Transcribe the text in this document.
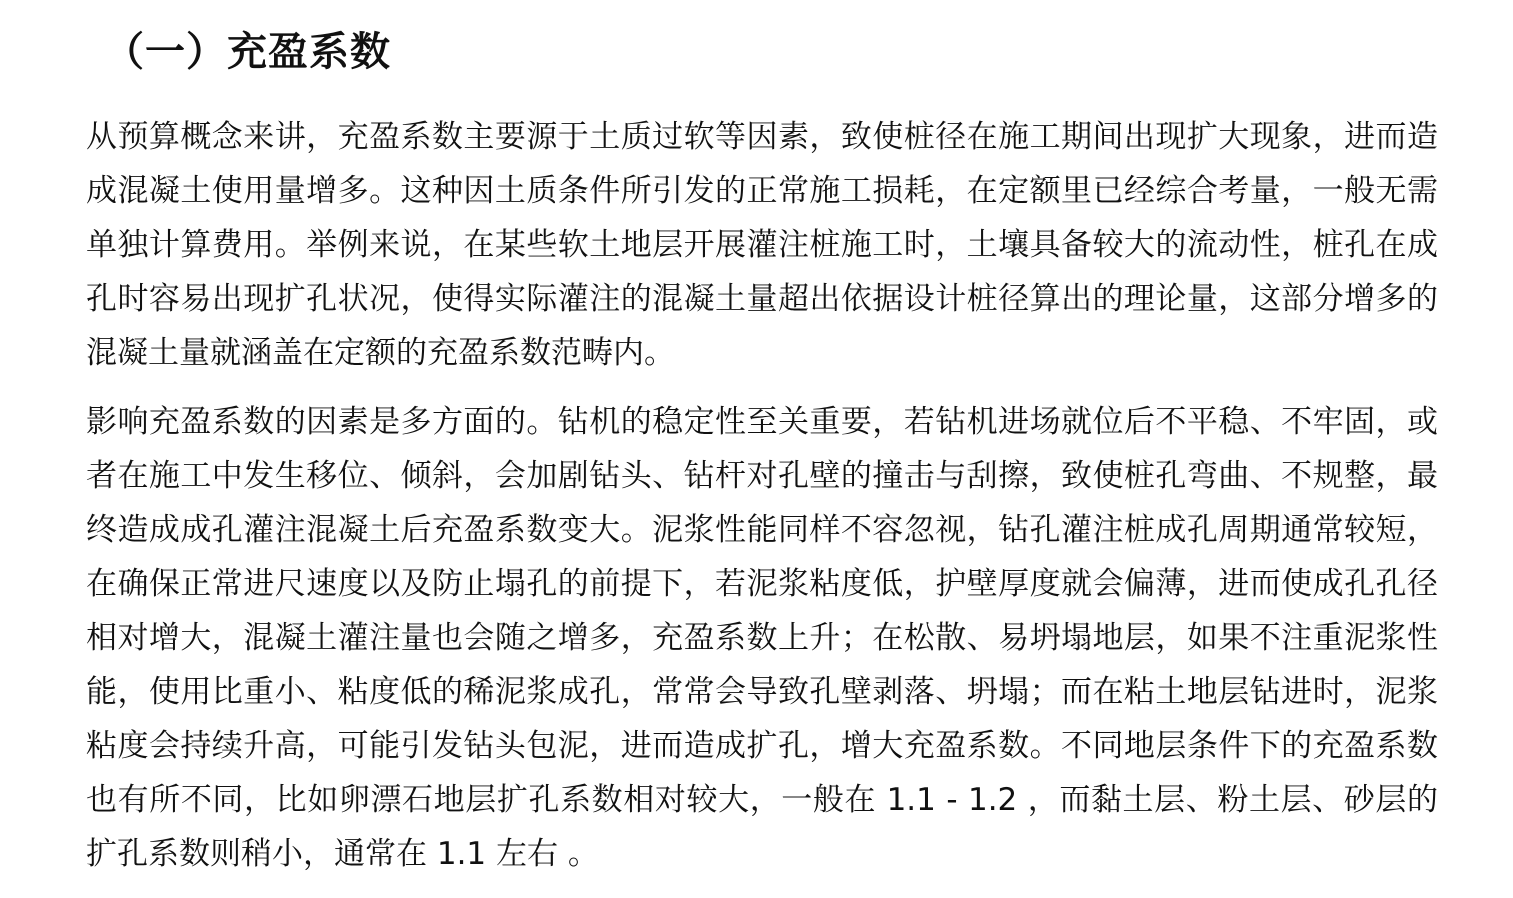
（一）充盈系数

从预算概念来讲，充盈系数主要源于土质过软等因素，致使桩径在施工期间出现扩大现象，进而造成混凝土使用量增多。这种因土质条件所引发的正常施工损耗，在定额里已经综合考量，一般无需单独计算费用。举例来说，在某些软土地层开展灌注桩施工时，土壤具备较大的流动性，桩孔在成孔时容易出现扩孔状况，使得实际灌注的混凝土量超出依据设计桩径算出的理论量，这部分增多的混凝土量就涵盖在定额的充盈系数范畴内。

影响充盈系数的因素是多方面的。钻机的稳定性至关重要，若钻机进场就位后不平稳、不牢固，或者在施工中发生移位、倾斜，会加剧钻头、钻杆对孔壁的撞击与刮擦，致使桩孔弯曲、不规整，最终造成成孔灌注混凝土后充盈系数变大。泥浆性能同样不容忽视，钻孔灌注桩成孔周期通常较短，在确保正常进尺速度以及防止塌孔的前提下，若泥浆粘度低，护壁厚度就会偏薄，进而使成孔孔径相对增大，混凝土灌注量也会随之增多，充盈系数上升；在松散、易坍塌地层，如果不注重泥浆性能，使用比重小、粘度低的稀泥浆成孔，常常会导致孔壁剥落、坍塌；而在粘土地层钻进时，泥浆粘度会持续升高，可能引发钻头包泥，进而造成扩孔，增大充盈系数。不同地层条件下的充盈系数也有所不同，比如卵漂石地层扩孔系数相对较大，一般在 1.1 - 1.2 ，而黏土层、粉土层、砂层的扩孔系数则稍小，通常在 1.1 左右 。
